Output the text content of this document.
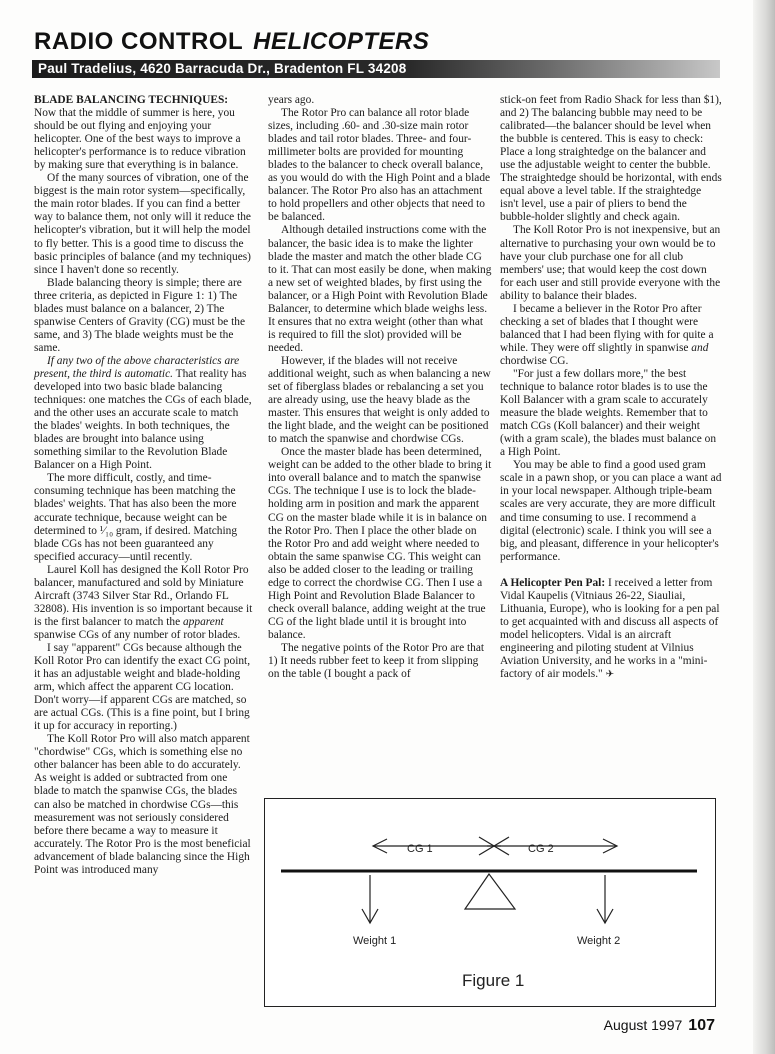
RADIO CONTROL HELICOPTERS
Paul Tradelius, 4620 Barracuda Dr., Bradenton FL 34208

BLADE BALANCING TECHNIQUES:
Now that the middle of summer is here, you should be out flying and enjoying your helicopter. One of the best ways to improve a helicopter's performance is to reduce vibration by making sure that everything is in balance.

Of the many sources of vibration, one of the biggest is the main rotor system—specifically, the main rotor blades. If you can find a better way to balance them, not only will it reduce the helicopter's vibration, but it will help the model to fly better. This is a good time to discuss the basic principles of balance (and my techniques) since I haven't done so recently.

Blade balancing theory is simple; there are three criteria, as depicted in Figure 1: 1) The blades must balance on a balancer, 2) The spanwise Centers of Gravity (CG) must be the same, and 3) The blade weights must be the same.

If any two of the above characteristics are present, the third is automatic. That reality has developed into two basic blade balancing techniques: one matches the CGs of each blade, and the other uses an accurate scale to match the blades' weights. In both techniques, the blades are brought into balance using something similar to the Revolution Blade Balancer on a High Point.

The more difficult, costly, and time-consuming technique has been matching the blades' weights. That has also been the more accurate technique, because weight can be determined to ¹⁄₁₀ gram, if desired. Matching blade CGs has not been guaranteed any specified accuracy—until recently.

Laurel Koll has designed the Koll Rotor Pro balancer, manufactured and sold by Miniature Aircraft (3743 Silver Star Rd., Orlando FL 32808). His invention is so important because it is the first balancer to match the apparent spanwise CGs of any number of rotor blades.

I say "apparent" CGs because although the Koll Rotor Pro can identify the exact CG point, it has an adjustable weight and blade-holding arm, which affect the apparent CG location. Don't worry—if apparent CGs are matched, so are actual CGs. (This is a fine point, but I bring it up for accuracy in reporting.)

The Koll Rotor Pro will also match apparent "chordwise" CGs, which is something else no other balancer has been able to do accurately. As weight is added or subtracted from one blade to match the spanwise CGs, the blades can also be matched in chordwise CGs—this measurement was not seriously considered before there became a way to measure it accurately. The Rotor Pro is the most beneficial advancement of blade balancing since the High Point was introduced many

years ago.

The Rotor Pro can balance all rotor blade sizes, including .60- and .30-size main rotor blades and tail rotor blades. Three- and four-millimeter bolts are provided for mounting blades to the balancer to check overall balance, as you would do with the High Point and a blade balancer. The Rotor Pro also has an attachment to hold propellers and other objects that need to be balanced.

Although detailed instructions come with the balancer, the basic idea is to make the lighter blade the master and match the other blade CG to it. That can most easily be done, when making a new set of weighted blades, by first using the balancer, or a High Point with Revolution Blade Balancer, to determine which blade weighs less. It ensures that no extra weight (other than what is required to fill the slot) provided will be needed.

However, if the blades will not receive additional weight, such as when balancing a new set of fiberglass blades or rebalancing a set you are already using, use the heavy blade as the master. This ensures that weight is only added to the light blade, and the weight can be positioned to match the spanwise and chordwise CGs.

Once the master blade has been determined, weight can be added to the other blade to bring it into overall balance and to match the spanwise CGs. The technique I use is to lock the blade-holding arm in position and mark the apparent CG on the master blade while it is in balance on the Rotor Pro. Then I place the other blade on the Rotor Pro and add weight where needed to obtain the same spanwise CG. This weight can also be added closer to the leading or trailing edge to correct the chordwise CG. Then I use a High Point and Revolution Blade Balancer to check overall balance, adding weight at the true CG of the light blade until it is brought into balance.

The negative points of the Rotor Pro are that 1) It needs rubber feet to keep it from slipping on the table (I bought a pack of

stick-on feet from Radio Shack for less than $1), and 2) The balancing bubble may need to be calibrated—the balancer should be level when the bubble is centered. This is easy to check: Place a long straightedge on the balancer and use the adjustable weight to center the bubble. The straightedge should be horizontal, with ends equal above a level table. If the straightedge isn't level, use a pair of pliers to bend the bubble-holder slightly and check again.

The Koll Rotor Pro is not inexpensive, but an alternative to purchasing your own would be to have your club purchase one for all club members' use; that would keep the cost down for each user and still provide everyone with the ability to balance their blades.

I became a believer in the Rotor Pro after checking a set of blades that I thought were balanced that I had been flying with for quite a while. They were off slightly in spanwise and chordwise CG.

"For just a few dollars more," the best technique to balance rotor blades is to use the Koll Balancer with a gram scale to accurately measure the blade weights. Remember that to match CGs (Koll balancer) and their weight (with a gram scale), the blades must balance on a High Point.

You may be able to find a good used gram scale in a pawn shop, or you can place a want ad in your local newspaper. Although triple-beam scales are very accurate, they are more difficult and time consuming to use. I recommend a digital (electronic) scale. I think you will see a big, and pleasant, difference in your helicopter's performance.

A Helicopter Pen Pal: I received a letter from Vidal Kaupelis (Vitniaus 26-22, Siauliai, Lithuania, Europe), who is looking for a pen pal to get acquainted with and discuss all aspects of model helicopters. Vidal is an aircraft engineering and piloting student at Vilnius Aviation University, and he works in a "mini-factory of air models." ✈

CG 1	CG 2
Weight 1	Weight 2
Figure 1
August 1997 107
